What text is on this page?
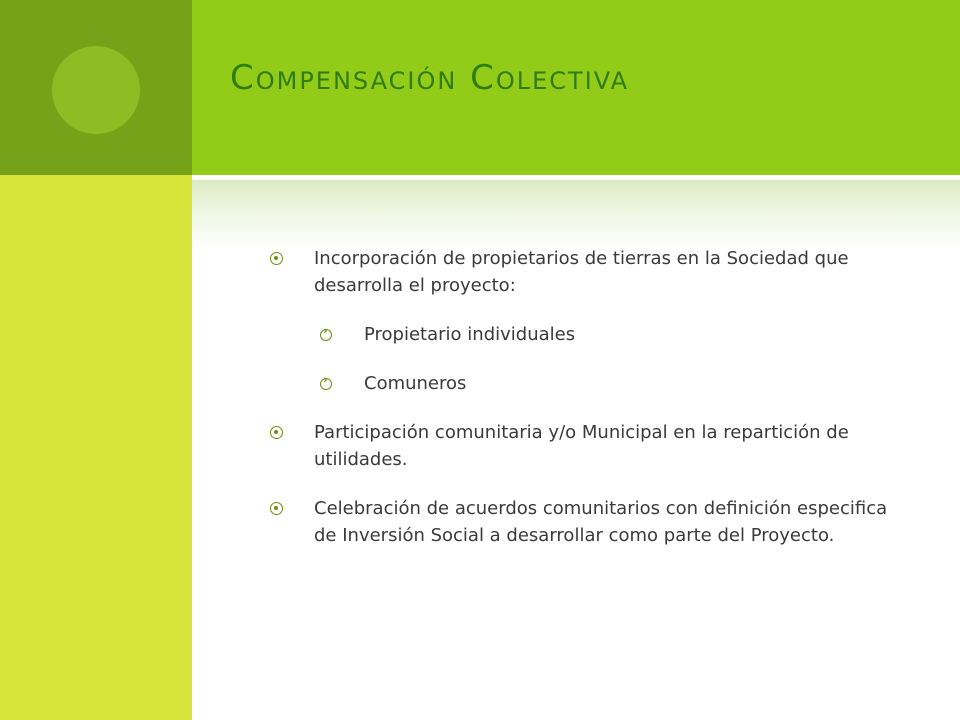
Compensación Colectiva
Incorporación de propietarios de tierras en la Sociedad que desarrolla el proyecto:
›
Propietario individuales
›
Comuneros
Participación comunitaria y/o Municipal en la repartición de utilidades.
Celebración de acuerdos comunitarios con definición especifica de Inversión Social a desarrollar como parte del Proyecto.
